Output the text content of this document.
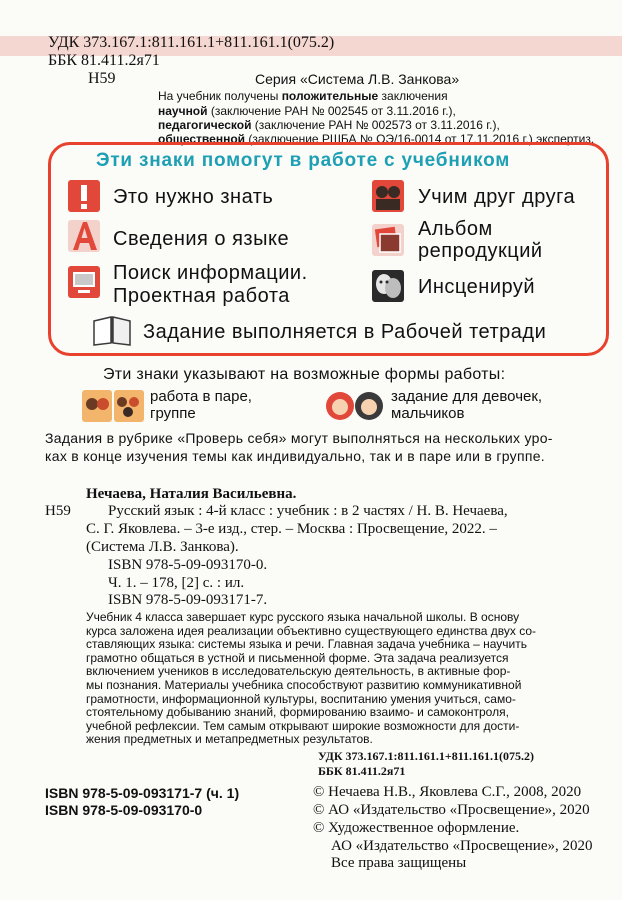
УДК 373.167.1:811.161.1+811.161.1(075.2)
ББК 81.411.2я71
Н59	Серия «Система Л.В. Занкова»
На учебник получены положительные заключения
научной (заключение РАН № 002545 от 3.11.2016 г.),
педагогической (заключение РАН № 002573 от 3.11.2016 г.),
общественной (заключение РШБА № ОЭ/16-0014 от 17.11.2016 г.) экспертиз.
Эти знаки помогут в работе с учебником
Это нужно знать
Сведения о языке
Поиск информации.
Проектная работа
Учим друг друга
Альбом
репродукций
Инсценируй
Задание выполняется в Рабочей тетради
Эти знаки указывают на возможные формы работы:
работа в паре,
группе
задание для девочек,
мальчиков
Задания в рубрике «Проверь себя» могут выполняться на нескольких уро-
ках в конце изучения темы как индивидуально, так и в паре или в группе.
Нечаева, Наталия Васильевна.
Н59 Русский язык : 4-й класс : учебник : в 2 частях / Н. В. Нечаева,
С. Г. Яковлева. – 3-е изд., стер. – Москва : Просвещение, 2022. –
(Система Л.В. Занкова).
ISBN 978-5-09-093170-0.
Ч. 1. – 178, [2] с. : ил.
ISBN 978-5-09-093171-7.
Учебник 4 класса завершает курс русского языка начальной школы. В основу
курса заложена идея реализации объективно существующего единства двух со-
ставляющих языка: системы языка и речи. Главная задача учебника – научить
грамотно общаться в устной и письменной форме. Эта задача реализуется
включением учеников в исследовательскую деятельность, в активные фор-
мы познания. Материалы учебника способствуют развитию коммуникативной
грамотности, информационной культуры, воспитанию умения учиться, само-
стоятельному добыванию знаний, формированию взаимо- и самоконтроля,
учебной рефлексии. Тем самым открывают широкие возможности для дости-
жения предметных и метапредметных результатов.
УДК 373.167.1:811.161.1+811.161.1(075.2)
ББК 81.411.2я71
ISBN 978-5-09-093171-7 (ч. 1)
ISBN 978-5-09-093170-0
© Нечаева Н.В., Яковлева С.Г., 2008, 2020
© АО «Издательство «Просвещение», 2020
© Художественное оформление.
АО «Издательство «Просвещение», 2020
Все права защищены
